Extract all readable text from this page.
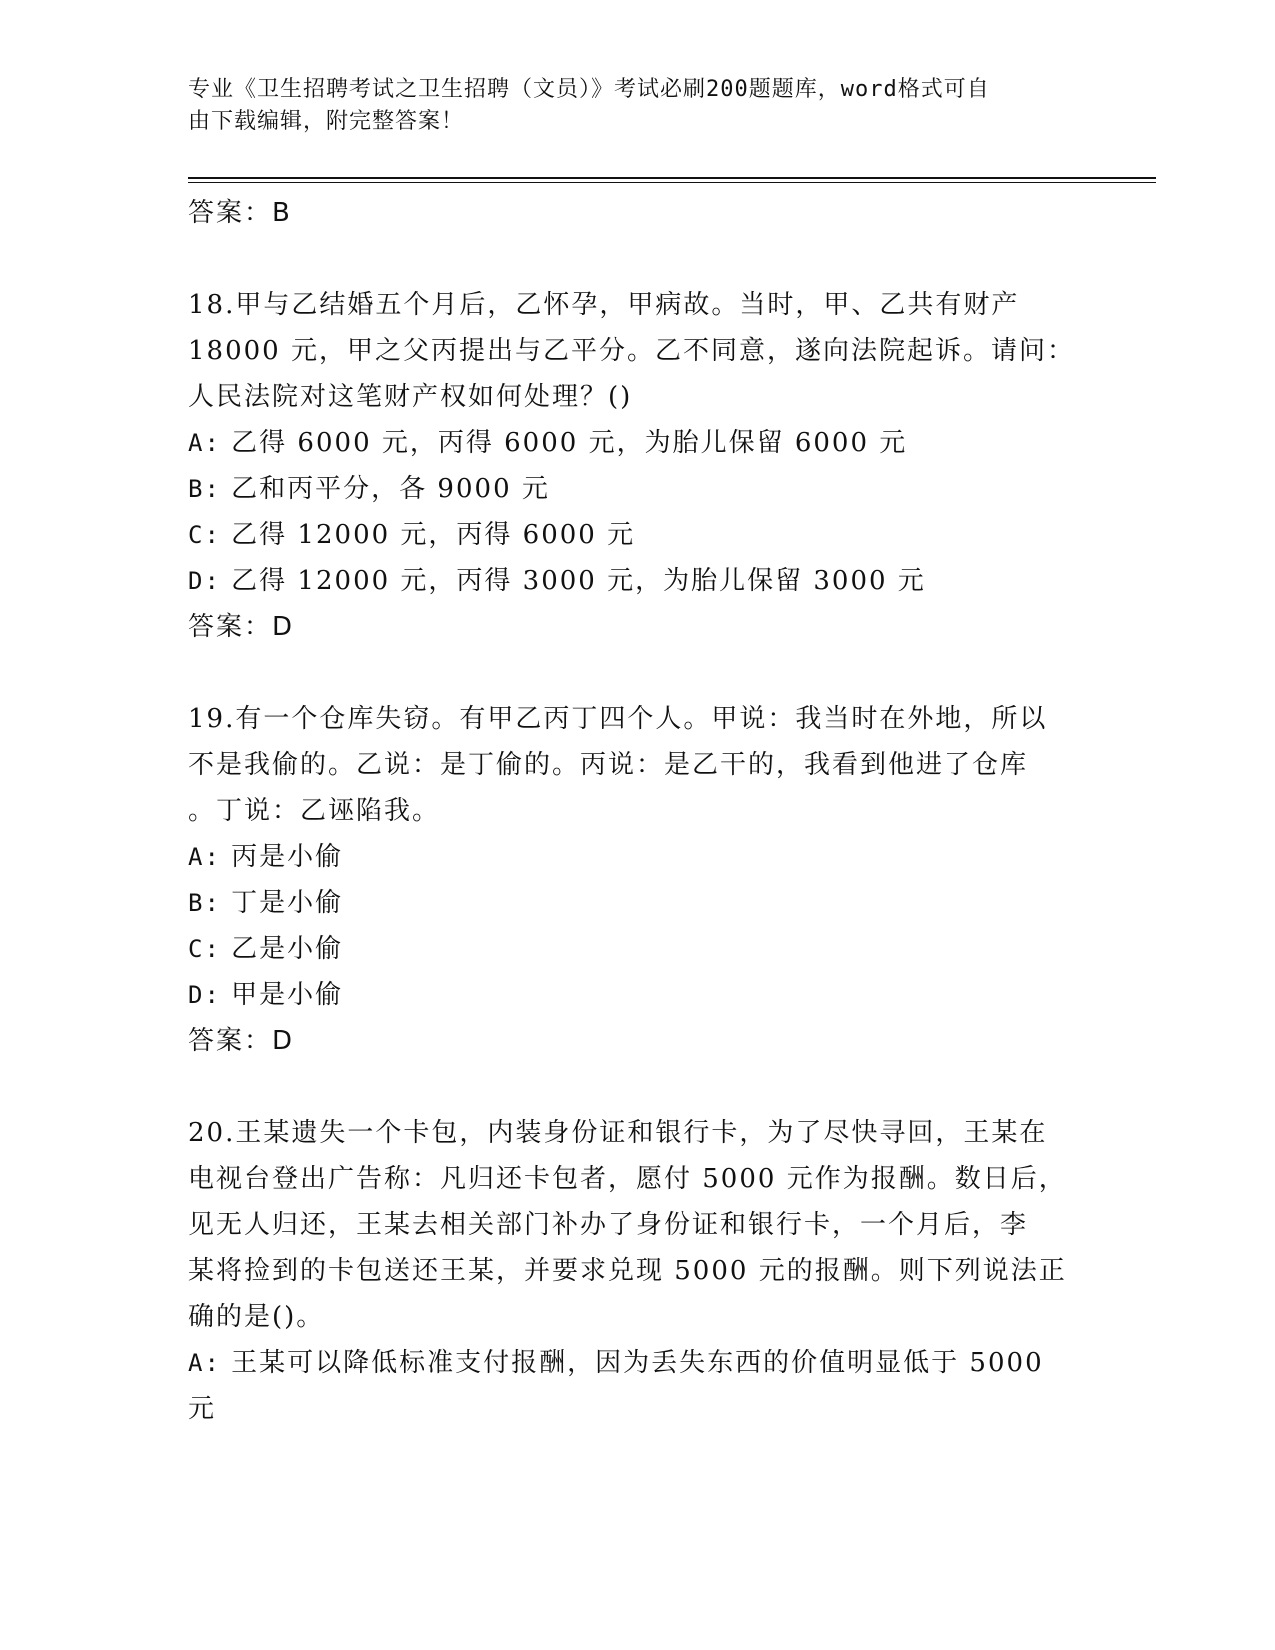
专业《卫生招聘考试之卫生招聘（文员）》考试必刷200题题库，word格式可自
由下载编辑，附完整答案！
答案：B
18.甲与乙结婚五个月后，乙怀孕，甲病故。当时，甲、乙共有财产
18000 元，甲之父丙提出与乙平分。乙不同意，遂向法院起诉。请问：
人民法院对这笔财产权如何处理？()
A: 乙得 6000 元，丙得 6000 元，为胎儿保留 6000 元
B: 乙和丙平分，各 9000 元
C: 乙得 12000 元，丙得 6000 元
D: 乙得 12000 元，丙得 3000 元，为胎儿保留 3000 元
答案：D
19.有一个仓库失窃。有甲乙丙丁四个人。甲说：我当时在外地，所以
不是我偷的。乙说：是丁偷的。丙说：是乙干的，我看到他进了仓库
。丁说：乙诬陷我。
A: 丙是小偷
B: 丁是小偷
C: 乙是小偷
D: 甲是小偷
答案：D
20.王某遗失一个卡包，内装身份证和银行卡，为了尽快寻回，王某在
电视台登出广告称：凡归还卡包者，愿付 5000 元作为报酬。数日后，
见无人归还，王某去相关部门补办了身份证和银行卡，一个月后，李
某将捡到的卡包送还王某，并要求兑现 5000 元的报酬。则下列说法正
确的是()。
A: 王某可以降低标准支付报酬，因为丢失东西的价值明显低于 5000
元
